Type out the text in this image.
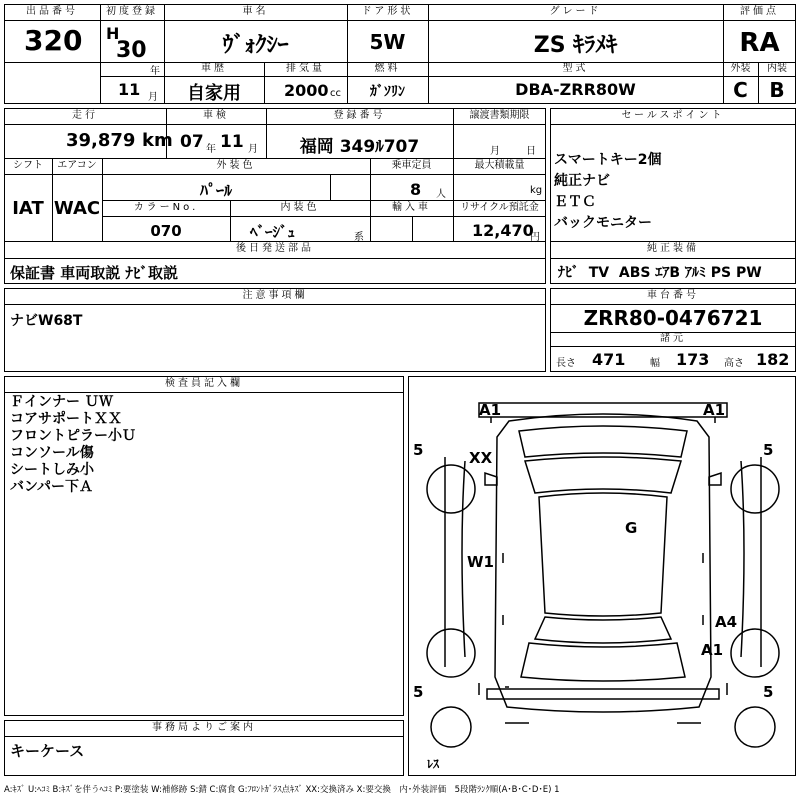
出品番号
320
初度登録
H
30
年
11 月
車名
ｳﾞｫｸｼｰ
ドア形状
5W
グレード
ZS ｷﾗﾒｷ
評価点
RA
車歴
自家用
排気量
2000 cc
燃料
ｶﾞｿﾘﾝ
型式
DBA-ZRR80W
外装
C
内装
B
走行
39,879 km
車検
07 年 11 月
登録番号
福岡 349ﾙ707
譲渡書類期限
月	日
シフト
IAT
エアコン
WAC
外装色
ﾊﾟｰﾙ
乗車定員
8 人
最大積載量
kg
カラーNo.
070
内装色
ﾍﾞｰｼﾞｭ	系
輸入車	リサイクル預託金
12,470
円
後日発送部品
保証書 車両取説 ﾅﾋﾞ取説
セールスポイント
スマートキー2個
純正ナビ
ＥＴＣ
バックモニター
純正装備
ﾅﾋﾞ  TV  ABS ｴｱB ｱﾙﾐ PS PW
注意事項欄
ナビW68T
車台番号
ZRR80-0476721
諸元
長さ 471 幅 173 高さ 182
検査員記入欄
Ｆインナー ＵＷ
コアサポートＸＸ
フロントピラー小Ｕ
コンソール傷
シートしみ小
バンパー下Ａ
事務局よりご案内
キーケース
A1	A1
XX
G
W1
A4
A1
5	5
5	5
ﾚｽ
A:ｷｽﾞ U:ﾍｺﾐ B:ｷｽﾞを伴うﾍｺﾐ P:要塗装 W:補修跡 S:錆 C:腐食 G:ﾌﾛﾝﾄｶﾞﾗｽ点ｷｽﾞ XX:交換済み X:要交換　内･外装評価　5段階ﾗﾝｸ順(A･B･C･D･E) 1
